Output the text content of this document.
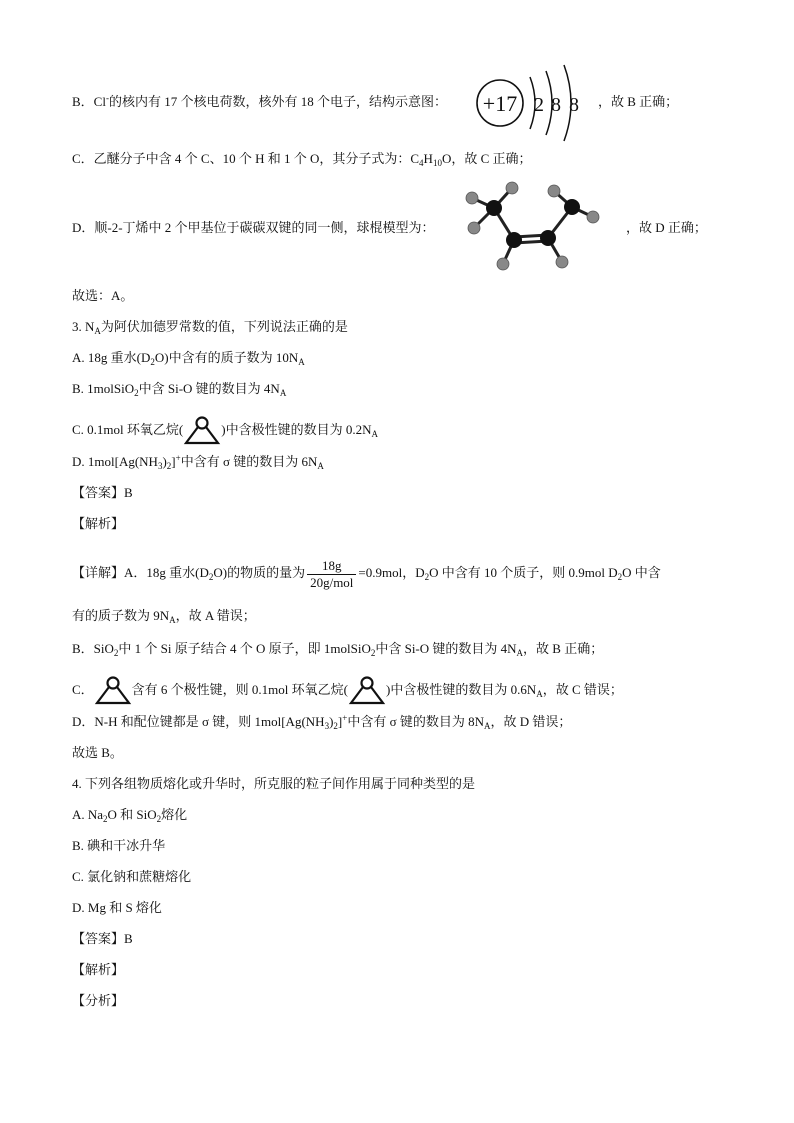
B．Cl-的核内有 17 个核电荷数，核外有 18 个电子，结构示意图： +17 2 8 8 ，故 B 正确；
C．乙醚分子中含 4 个 C、10 个 H 和 1 个 O，其分子式为：$C_4H_{10}O$，故 C 正确；
D．顺-2-丁烯中 2 个甲基位于碳碳双键的同一侧，球棍模型为：	，故 D 正确；
故选：A。
3. $N_A$为阿伏加德罗常数的值，下列说法正确的是
A. 18g 重水$(D_2O)$中含有的质子数为 $10N_A$
B. 1molSiO$_2$中含 Si-O 键的数目为 $4N_A$
C. 0.1mol 环氧乙烷(	)中含极性键的数目为 $0.2N_A$
D. $1mol[Ag(NH_3)_2]^+$中含有 σ 键的数目为 $6N_A$
【答案】B
【解析】
【详解】A．18g 重水$(D_2O)$的物质的量为 $\frac{18g}{\text{20g/mol}} =0.9mol$，$D_2O$ 中含有 10 个质子，则 0.9mol $D_2O$ 中含
有的质子数为 $9N_A$，故 A 错误；
B．SiO$_2$中 1 个 Si 原子结合 4 个 O 原子，即 1molSiO$_2$中含 Si-O 键的数目为 $4N_A$，故 B 正确；
C．	含有 6 个极性键，则 0.1mol 环氧乙烷(	)中含极性键的数目为 $0.6N_A$，故 C 错误；
D．N-H 和配位键都是 σ 键，则 $1mol[Ag(NH_3)_2]^+$中含有 σ 键的数目为 $8N_A$，故 D 错误；
故选 B。
4. 下列各组物质熔化或升华时，所克服的粒子间作用属于同种类型的是
A. $Na_2O$ 和 SiO$_2$熔化
B. 碘和干冰升华
C. 氯化钠和蔗糖熔化
D. Mg 和 S 熔化
【答案】B
【解析】
【分析】
